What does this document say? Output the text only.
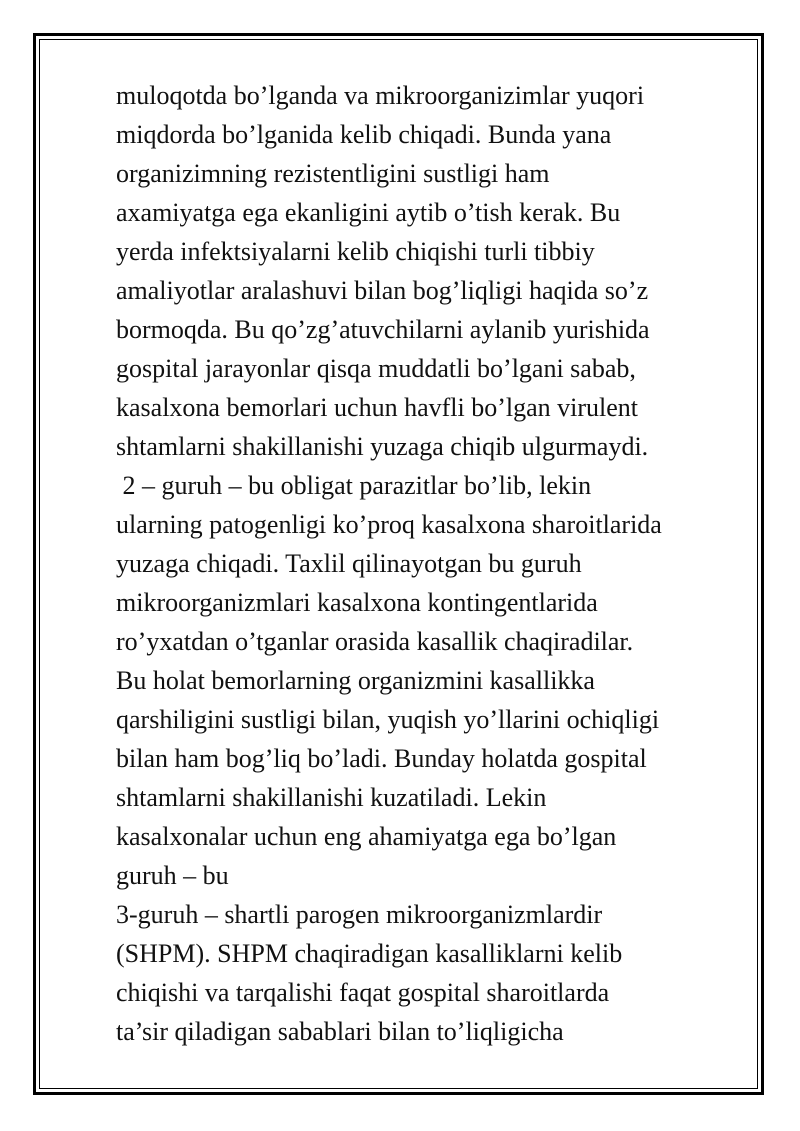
muloqotda bo’lganda va mikroorganizimlar yuqori
miqdorda bo’lganida kelib chiqadi. Bunda yana
organizimning rezistentligini sustligi ham
axamiyatga ega ekanligini aytib o’tish kerak. Bu
yerda infektsiyalarni kelib chiqishi turli tibbiy
amaliyotlar aralashuvi bilan bog’liqligi haqida so’z
bormoqda. Bu qo’zg’atuvchilarni aylanib yurishida
gospital jarayonlar qisqa muddatli bo’lgani sabab,
kasalxona bemorlari uchun havfli bo’lgan virulent
shtamlarni shakillanishi yuzaga chiqib ulgurmaydi.
2 – guruh – bu obligat parazitlar bo’lib, lekin
ularning patogenligi ko’proq kasalxona sharoitlarida
yuzaga chiqadi. Taxlil qilinayotgan bu guruh
mikroorganizmlari kasalxona kontingentlarida
ro’yxatdan o’tganlar orasida kasallik chaqiradilar.
Bu holat bemorlarning organizmini kasallikka
qarshiligini sustligi bilan, yuqish yo’llarini ochiqligi
bilan ham bog’liq bo’ladi. Bunday holatda gospital
shtamlarni shakillanishi kuzatiladi. Lekin
kasalxonalar uchun eng ahamiyatga ega bo’lgan
guruh – bu
3-guruh – shartli parogen mikroorganizmlardir
(SHPM). SHPM chaqiradigan kasalliklarni kelib
chiqishi va tarqalishi faqat gospital sharoitlarda
ta’sir qiladigan sabablari bilan to’liqligicha
